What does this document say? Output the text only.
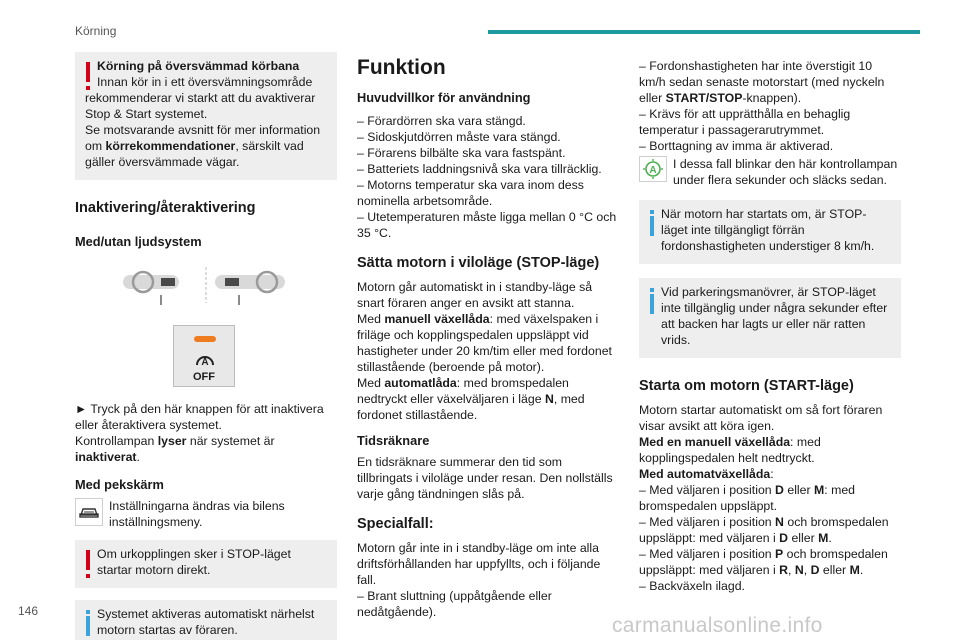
Körning

Körning på översvämmad körbana

Innan kör in i ett översvämningsområde

rekommenderar vi starkt att du avaktiverar Stop & Start systemet.

Se motsvarande avsnitt för mer information om körrekommendationer, särskilt vad gäller översvämmade vägar.

Inaktivering/återaktivering
Med/utan ljudsystem
A
OFF

► Tryck på den här knappen för att inaktivera eller återaktivera systemet.

Kontrollampan lyser när systemet är inaktiverat.

Med pekskärm

Inställningarna ändras via bilens inställningsmeny.

Om urkopplingen sker i STOP-läget startar motorn direkt.

Systemet aktiveras automatiskt närhelst motorn startas av föraren.

Funktion
Huvudvillkor för användning
– Förardörren ska vara stängd.
– Sidoskjutdörren måste vara stängd.
– Förarens bilbälte ska vara fastspänt.
– Batteriets laddningsnivå ska vara tillräcklig.
– Motorns temperatur ska vara inom dess nominella arbetsområde.
– Utetemperaturen måste ligga mellan 0 °C och 35 °C.
Sätta motorn i viloläge (STOP-läge)

Motorn går automatiskt in i standby-läge så snart föraren anger en avsikt att stanna.

Med manuell växellåda: med växelspaken i friläge och kopplingspedalen uppsläppt vid hastigheter under 20 km/tim eller med fordonet stillastående (beroende på motor).

Med automatlåda: med bromspedalen nedtryckt eller växelväljaren i läge N, med fordonet stillastående.

Tidsräknare

En tidsräknare summerar den tid som tillbringats i viloläge under resan. Den nollställs varje gång tändningen slås på.

Specialfall:

Motorn går inte in i standby-läge om inte alla driftsförhållanden har uppfyllts, och i följande fall.

– Brant sluttning (uppåtgående eller nedåtgående).
– Fordonshastigheten har inte överstigit 10 km/h sedan senaste motorstart (med nyckeln eller START/STOP-knappen).
– Krävs för att upprätthålla en behaglig temperatur i passagerarutrymmet.
– Borttagning av imma är aktiverad.
A I dessa fall blinkar den här kontrollampan under flera sekunder och släcks sedan.

När motorn har startats om, är STOP-läget inte tillgängligt förrän fordonshastigheten understiger 8 km/h.

Vid parkeringsmanövrer, är STOP-läget inte tillgänglig under några sekunder efter att backen har lagts ur eller när ratten vrids.

Starta om motorn (START-läge)

Motorn startar automatiskt om så fort föraren visar avsikt att köra igen.

Med en manuell växellåda: med kopplingspedalen helt nedtryckt.

Med automatväxellåda:

– Med väljaren i position D eller M: med bromspedalen uppsläppt.
– Med väljaren i position N och bromspedalen uppsläppt: med väljaren i D eller M.
– Med väljaren i position P och bromspedalen uppsläppt: med väljaren i R, N, D eller M.
– Backväxeln ilagd.
146
carmanualsonline.info
